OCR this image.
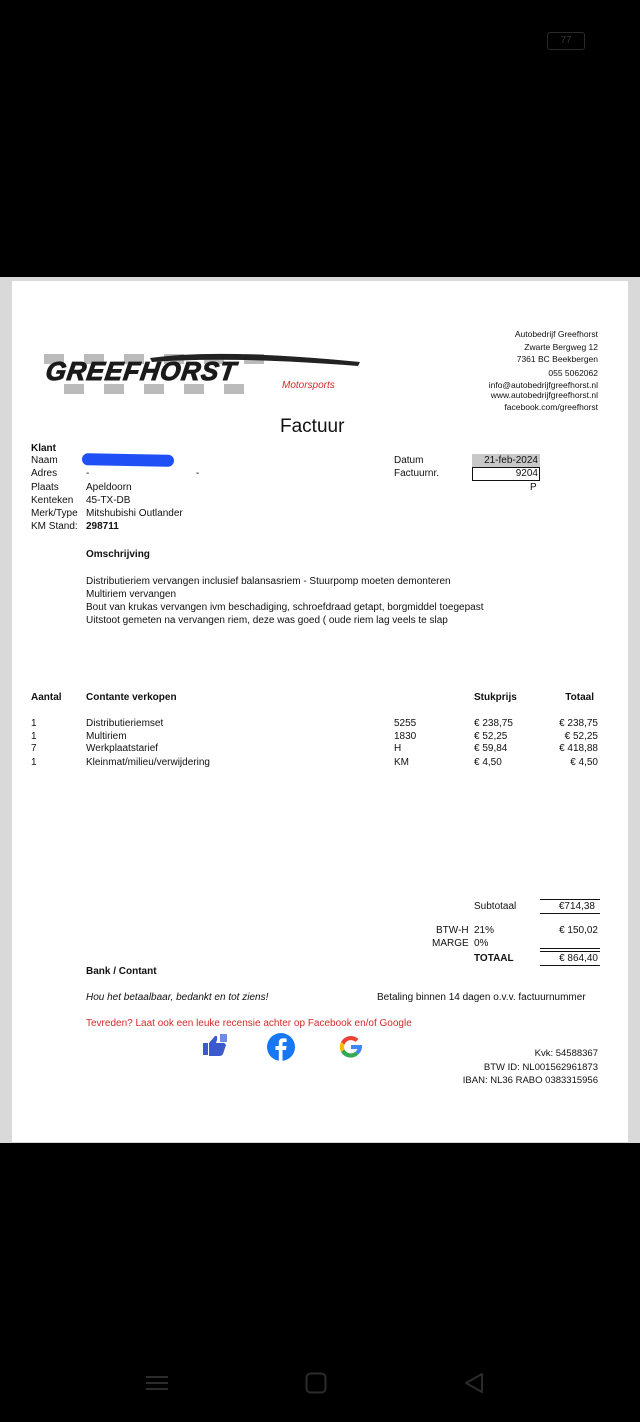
77
GREEFHORST	Motorsports
Autobedrijf Greefhorst
Zwarte Bergweg 12
7361 BC Beekbergen
055 5062062
info@autobedrijfgreefhorst.nl
www.autobedrijfgreefhorst.nl
facebook.com/greefhorst
Factuur
Klant
Naam
Adres	-	-
Plaats	Apeldoorn
Kenteken 45-TX-DB
Merk/Type Mitshubishi Outlander
KM Stand: 298711
Datum	21-feb-2024
Factuurnr.	9204
P
Omschrijving
Distributieriem vervangen inclusief balansasriem - Stuurpomp moeten demonteren
Multiriem vervangen
Bout van krukas vervangen ivm beschadiging, schroefdraad getapt, borgmiddel toegepast
Uitstoot gemeten na vervangen riem, deze was goed ( oude riem lag veels te slap
Aantal Contante verkopen	Stukprijs	Totaal
1	Distributieriemset	5255	€ 238,75	€ 238,75
1	Multiriem	1830	€ 52,25	€ 52,25
7	Werkplaatstarief	H	€ 59,84	€ 418,88
1	Kleinmat/milieu/verwijdering	KM	€ 4,50	€ 4,50
Subtotaal	€714,38
BTW-H 21%	€ 150,02
MARGE 0%
TOTAAL	€ 864,40
Bank / Contant
Hou het betaalbaar, bedankt en tot ziens!	Betaling binnen 14 dagen o.v.v. factuurnummer
Tevreden? Laat ook een leuke recensie achter op Facebook en/of Google
Kvk: 54588367
BTW ID: NL001562961873
IBAN: NL36 RABO 0383315956
